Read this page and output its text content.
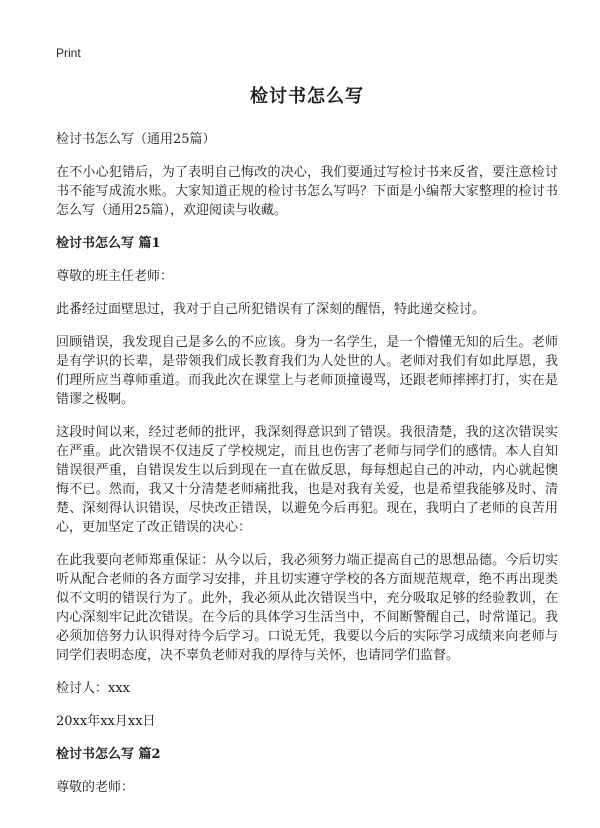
Print
检讨书怎么写

检讨书怎么写（通用25篇）

在不小心犯错后，为了表明自己悔改的决心，我们要通过写检讨书来反省，要注意检讨书不能写成流水账。大家知道正规的检讨书怎么写吗？下面是小编帮大家整理的检讨书怎么写（通用25篇），欢迎阅读与收藏。

检讨书怎么写 篇1

尊敬的班主任老师：

此番经过面壁思过，我对于自己所犯错误有了深刻的醒悟，特此递交检讨。

回顾错误，我发现自己是多么的不应该。身为一名学生，是一个懵懂无知的后生。老师是有学识的长辈，是带领我们成长教育我们为人处世的人。老师对我们有如此厚恩，我们理所应当尊师重道。而我此次在课堂上与老师顶撞谩骂，还跟老师摔摔打打，实在是错谬之极啊。

这段时间以来，经过老师的批评，我深刻得意识到了错误。我很清楚，我的这次错误实在严重。此次错误不仅违反了学校规定，而且也伤害了老师与同学们的感情。本人自知错误很严重，自错误发生以后到现在一直在做反思，每每想起自己的冲动，内心就起懊悔不已。然而，我又十分清楚老师痛批我，也是对我有关爱，也是希望我能够及时、清楚、深刻得认识错误，尽快改正错误，以避免今后再犯。现在，我明白了老师的良苦用心，更加坚定了改正错误的决心：

在此我要向老师郑重保证：从今以后，我必须努力端正提高自己的思想品德。今后切实听从配合老师的各方面学习安排，并且切实遵守学校的各方面规范规章，绝不再出现类似不文明的错误行为了。此外，我必须从此次错误当中，充分吸取足够的经验教训，在内心深刻牢记此次错误。在今后的具体学习生活当中，不间断警醒自己，时常谨记。我必须加倍努力认识得对待今后学习。口说无凭，我要以今后的实际学习成绩来向老师与同学们表明态度，决不辜负老师对我的厚待与关怀，也请同学们监督。

检讨人：xxx

20xx年xx月xx日

检讨书怎么写 篇2

尊敬的老师：
